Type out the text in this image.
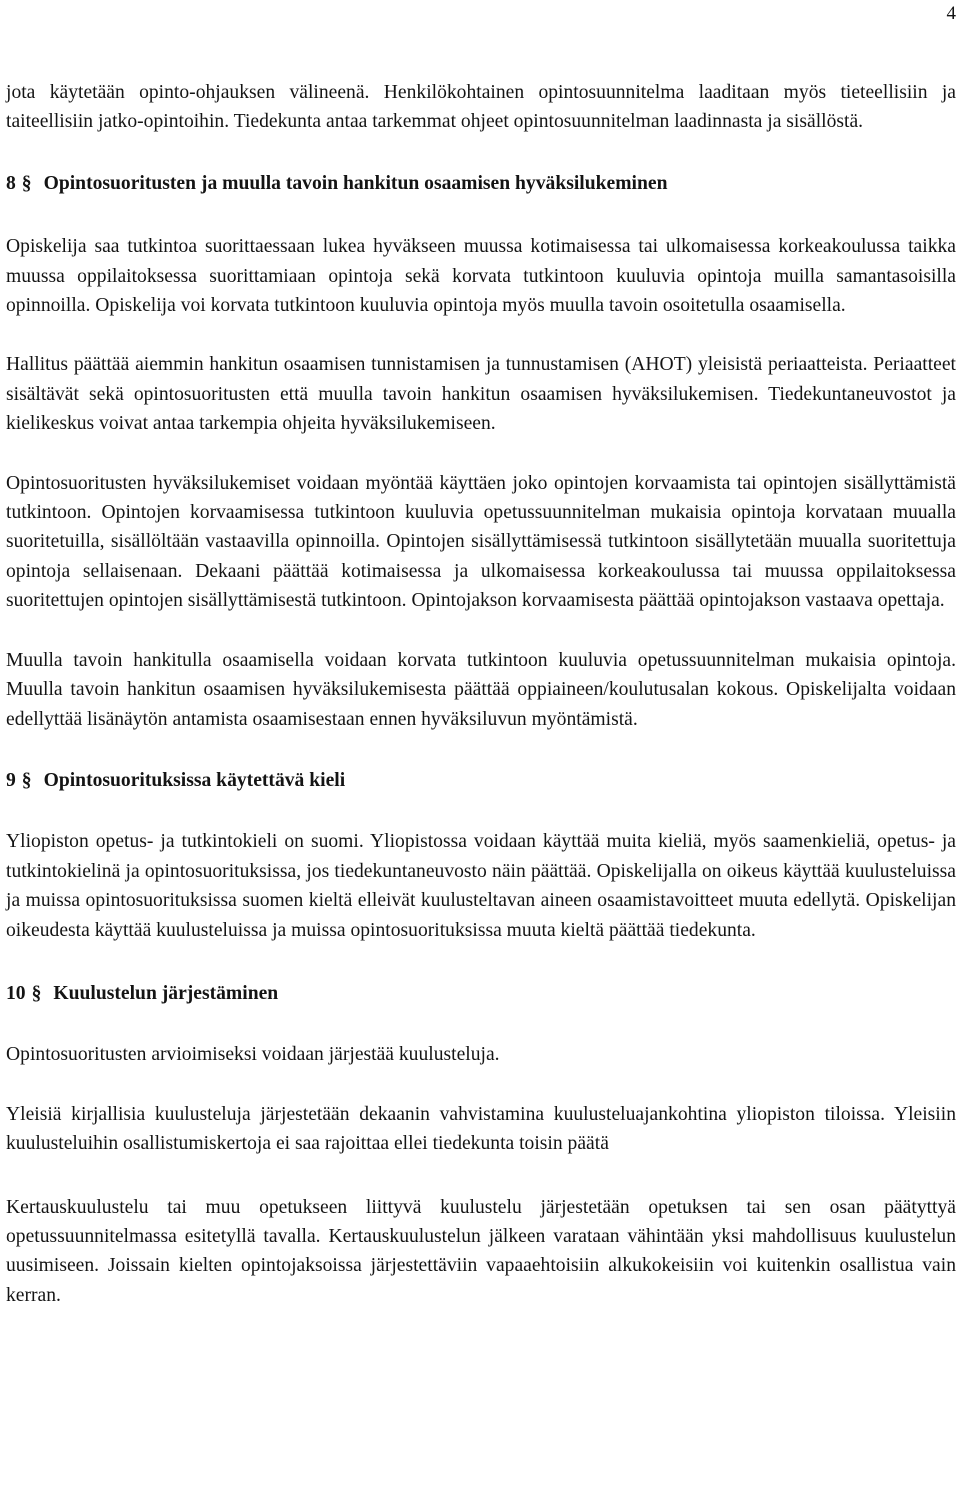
4

jota käytetään opinto-ohjauksen välineenä. Henkilökohtainen opintosuunnitelma laaditaan myös tieteellisiin ja taiteellisiin jatko-opintoihin. Tiedekunta antaa tarkemmat ohjeet opintosuunnitelman laadinnasta ja sisällöstä.

8 § Opintosuoritusten ja muulla tavoin hankitun osaamisen hyväksilukeminen

Opiskelija saa tutkintoa suorittaessaan lukea hyväkseen muussa kotimaisessa tai ulkomaisessa korkeakoulussa taikka muussa oppilaitoksessa suorittamiaan opintoja sekä korvata tutkintoon kuuluvia opintoja muilla samantasoisilla opinnoilla. Opiskelija voi korvata tutkintoon kuuluvia opintoja myös muulla tavoin osoitetulla osaamisella.

Hallitus päättää aiemmin hankitun osaamisen tunnistamisen ja tunnustamisen (AHOT) yleisistä periaatteista. Periaatteet sisältävät sekä opintosuoritusten että muulla tavoin hankitun osaamisen hyväksilukemisen. Tiedekuntaneuvostot ja kielikeskus voivat antaa tarkempia ohjeita hyväksilukemiseen.

Opintosuoritusten hyväksilukemiset voidaan myöntää käyttäen joko opintojen korvaamista tai opintojen sisällyttämistä tutkintoon. Opintojen korvaamisessa tutkintoon kuuluvia opetussuunnitelman mukaisia opintoja korvataan muualla suoritetuilla, sisällöltään vastaavilla opinnoilla. Opintojen sisällyttämisessä tutkintoon sisällytetään muualla suoritettuja opintoja sellaisenaan. Dekaani päättää kotimaisessa ja ulkomaisessa korkeakoulussa tai muussa oppilaitoksessa suoritettujen opintojen sisällyttämisestä tutkintoon. Opintojakson korvaamisesta päättää opintojakson vastaava opettaja.

Muulla tavoin hankitulla osaamisella voidaan korvata tutkintoon kuuluvia opetussuunnitelman mukaisia opintoja. Muulla tavoin hankitun osaamisen hyväksilukemisesta päättää oppiaineen/koulutusalan kokous. Opiskelijalta voidaan edellyttää lisänäytön antamista osaamisestaan ennen hyväksiluvun myöntämistä.

9 § Opintosuorituksissa käytettävä kieli

Yliopiston opetus- ja tutkintokieli on suomi. Yliopistossa voidaan käyttää muita kieliä, myös saamenkieliä, opetus- ja tutkintokielinä ja opintosuorituksissa, jos tiedekuntaneuvosto näin päättää. Opiskelijalla on oikeus käyttää kuulusteluissa ja muissa opintosuorituksissa suomen kieltä elleivät kuulusteltavan aineen osaamistavoitteet muuta edellytä. Opiskelijan oikeudesta käyttää kuulusteluissa ja muissa opintosuorituksissa muuta kieltä päättää tiedekunta.

10 § Kuulustelun järjestäminen

Opintosuoritusten arvioimiseksi voidaan järjestää kuulusteluja.

Yleisiä kirjallisia kuulusteluja järjestetään dekaanin vahvistamina kuulusteluajankohtina yliopiston tiloissa. Yleisiin kuulusteluihin osallistumiskertoja ei saa rajoittaa ellei tiedekunta toisin päätä

Kertauskuulustelu tai muu opetukseen liittyvä kuulustelu järjestetään opetuksen tai sen osan päätyttyä opetussuunnitelmassa esitetyllä tavalla. Kertauskuulustelun jälkeen varataan vähintään yksi mahdollisuus kuulustelun uusimiseen. Joissain kielten opintojaksoissa järjestettäviin vapaaehtoisiin alkukokeisiin voi kuitenkin osallistua vain kerran.
